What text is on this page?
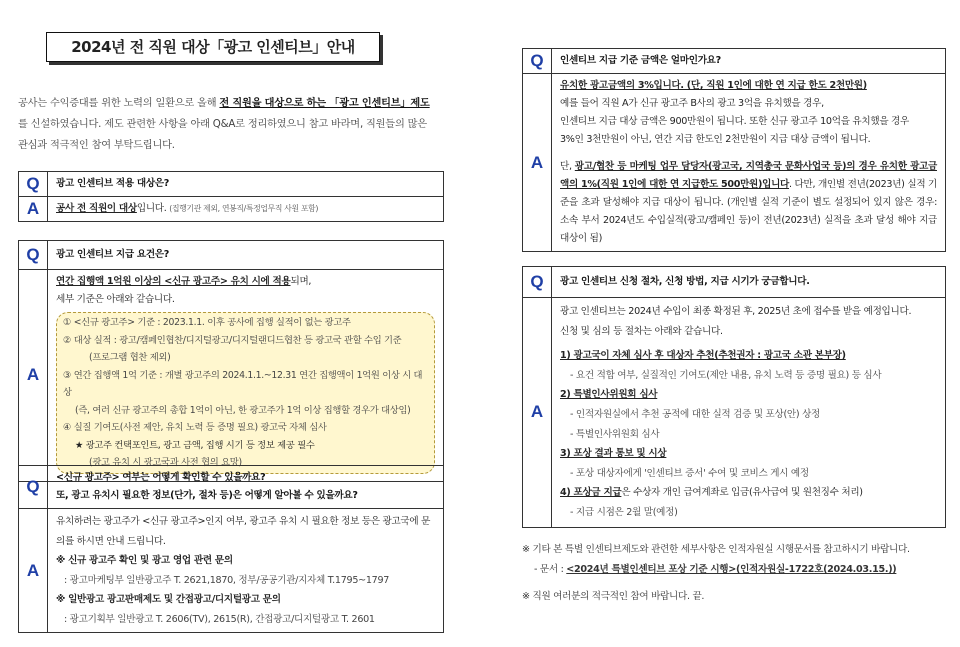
2024년 전 직원 대상「광고 인센티브」안내
공사는 수익증대를 위한 노력의 일환으로 올해 전 직원을 대상으로 하는 「광고 인센티브」제도를 신설하였습니다. 제도 관련한 사항을 아래 Q&A로 정리하였으니 참고 바라며, 직원들의 많은 관심과 적극적인 참여 부탁드립니다.
Q	광고 인센티브 적용 대상은?
A	공사 전 직원이 대상입니다. (집행기관 제외, 연봉직/특정업무직 사원 포함)
Q	광고 인센티브 지급 요건은?
A
연간 집행액 1억원 이상의 <신규 광고주> 유치 시에 적용되며,
세부 기준은 아래와 같습니다.
① <신규 광고주> 기준 : 2023.1.1. 이후 공사에 집행 실적이 없는 광고주
② 대상 실적 : 광고/캠페인협찬/디지털광고/디지털랜디드협찬 등 광고국 관할 수입 기준
(프로그램 협찬 제외)
③ 연간 집행액 1억 기준 : 개별 광고주의 2024.1.1.~12.31 연간 집행액이 1억원 이상 시 대상
(즉, 여러 신규 광고주의 총합 1억이 아닌, 한 광고주가 1억 이상 집행할 경우가 대상임)
④ 실질 기여도(사전 제안, 유치 노력 등 증명 필요) 광고국 자체 심사
★ 광고주 컨택포인트, 광고 금액, 집행 시기 등 정보 제공 필수
(광고 유치 시 광고국과 사전 협의 요망)
Q	<신규 광고주> 여부는 어떻게 확인할 수 있을까요?
또, 광고 유치시 필요한 정보(단가, 절차 등)은 어떻게 알아볼 수 있을까요?
A
유치하려는 광고주가 <신규 광고주>인지 여부, 광고주 유치 시 필요한 정보 등은 광고국에 문의를 하시면 안내 드립니다.
※ 신규 광고주 확인 및 광고 영업 관련 문의
: 광고마케팅부 일반광고주 T. 2621,1870, 정부/공공기관/지자체 T.1795~1797
※ 일반광고 광고판매제도 및 간접광고/디지털광고 문의
: 광고기획부 일반광고 T. 2606(TV), 2615(R), 간접광고/디지털광고 T. 2601
Q	인센티브 지급 기준 금액은 얼마인가요?
A
유치한 광고금액의 3%입니다. (단, 직원 1인에 대한 연 지급 한도 2천만원)
예를 들어 직원 A가 신규 광고주 B사의 광고 3억을 유치했을 경우,
인센티브 지급 대상 금액은 900만원이 됩니다. 또한 신규 광고주 10억을 유치했을 경우
3%인 3천만원이 아닌, 연간 지급 한도인 2천만원이 지급 대상 금액이 됩니다.
단, 광고/협찬 등 마케팅 업무 담당자(광고국, 지역총국 문화사업국 등)의 경우 유치한 광고금액의 1%(직원 1인에 대한 연 지급한도 500만원)입니다. 다만, 개인별 전년(2023년) 실적 기준을 초과 달성해야 지급 대상이 됩니다. (개인별 실적 기준이 별도 설정되어 있지 않은 경우: 소속 부서 2024년도 수입실적(광고/캠페인 등)이 전년(2023년) 실적을 초과 달성 해야 지급 대상이 됨)
Q	광고 인센티브 신청 절차, 신청 방법, 지급 시기가 궁금합니다.
A
광고 인센티브는 2024년 수입이 최종 확정된 후, 2025년 초에 접수를 받을 예정입니다.
신청 및 심의 등 절차는 아래와 같습니다.
1) 광고국이 자체 심사 후 대상자 추천(추천권자 : 광고국 소관 본부장)
- 요건 적합 여부, 실질적인 기여도(제안 내용, 유치 노력 등 증명 필요) 등 심사
2) 특별인사위원회 심사
- 인적자원실에서 추천 공적에 대한 실적 검증 및 포상(안) 상정
- 특별인사위원회 심사
3) 포상 결과 통보 및 시상
- 포상 대상자에게 '인센티브 증서' 수여 및 코비스 게시 예정
4) 포상금 지급은 수상자 개인 급여계좌로 입금(유사급여 및 원천징수 처리)
- 지급 시점은 2월 말(예정)
※ 기타 본 특별 인센티브제도와 관련한 세부사항은 인적자원실 시행문서를 참고하시기 바랍니다.
- 문서 : <2024년 특별인센티브 포상 기준 시행>(인적자원실-1722호(2024.03.15.))
※ 직원 여러분의 적극적인 참여 바랍니다. 끝.
